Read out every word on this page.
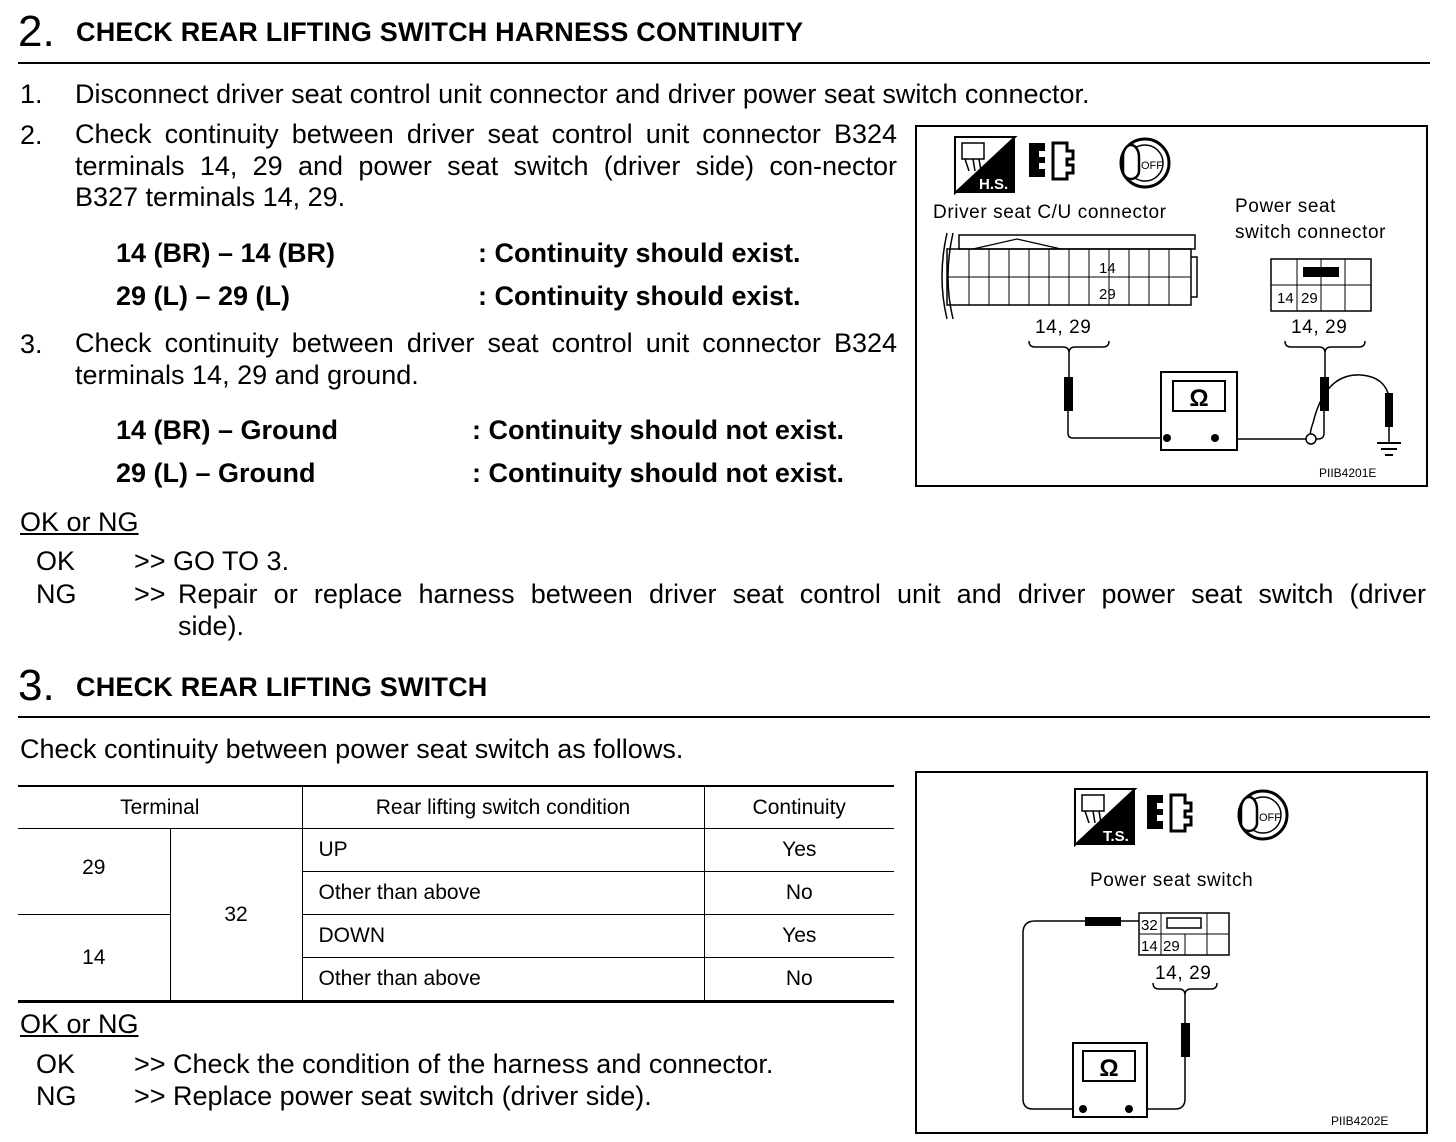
2. CHECK REAR LIFTING SWITCH HARNESS CONTINUITY
1. Disconnect driver seat control unit connector and driver power seat switch connector.
2. Check continuity between driver seat control unit connector B324 terminals 14, 29 and power seat switch (driver side) con-nector B327 terminals 14, 29.
14 (BR) – 14 (BR)	: Continuity should exist.
29 (L) – 29 (L)	: Continuity should exist.
3. Check continuity between driver seat control unit connector B324 terminals 14, 29 and ground.
14 (BR) – Ground	: Continuity should not exist.
29 (L) – Ground	: Continuity should not exist.
OK or NG
OK >> GO TO 3.
NG >> Repair or replace harness between driver seat control unit and driver power seat switch (driver
side).
H.S.
OFF
14
29	14 29
Ω
Driver seat C/U connector	Power seat
switch connector
14, 29	14, 29
PIIB4201E
3. CHECK REAR LIFTING SWITCH
Check continuity between power seat switch as follows.
Terminal		Rear lifting switch condition	Continuity
29	32	UP	Yes
		Other than above	No
14		DOWN	Yes
		Other than above	No
OK or NG
OK >> Check the condition of the harness and connector.
NG >> Replace power seat switch (driver side).
T.S.
OFF
32
14 29
Ω
Power seat switch
14, 29
PIIB4202E
